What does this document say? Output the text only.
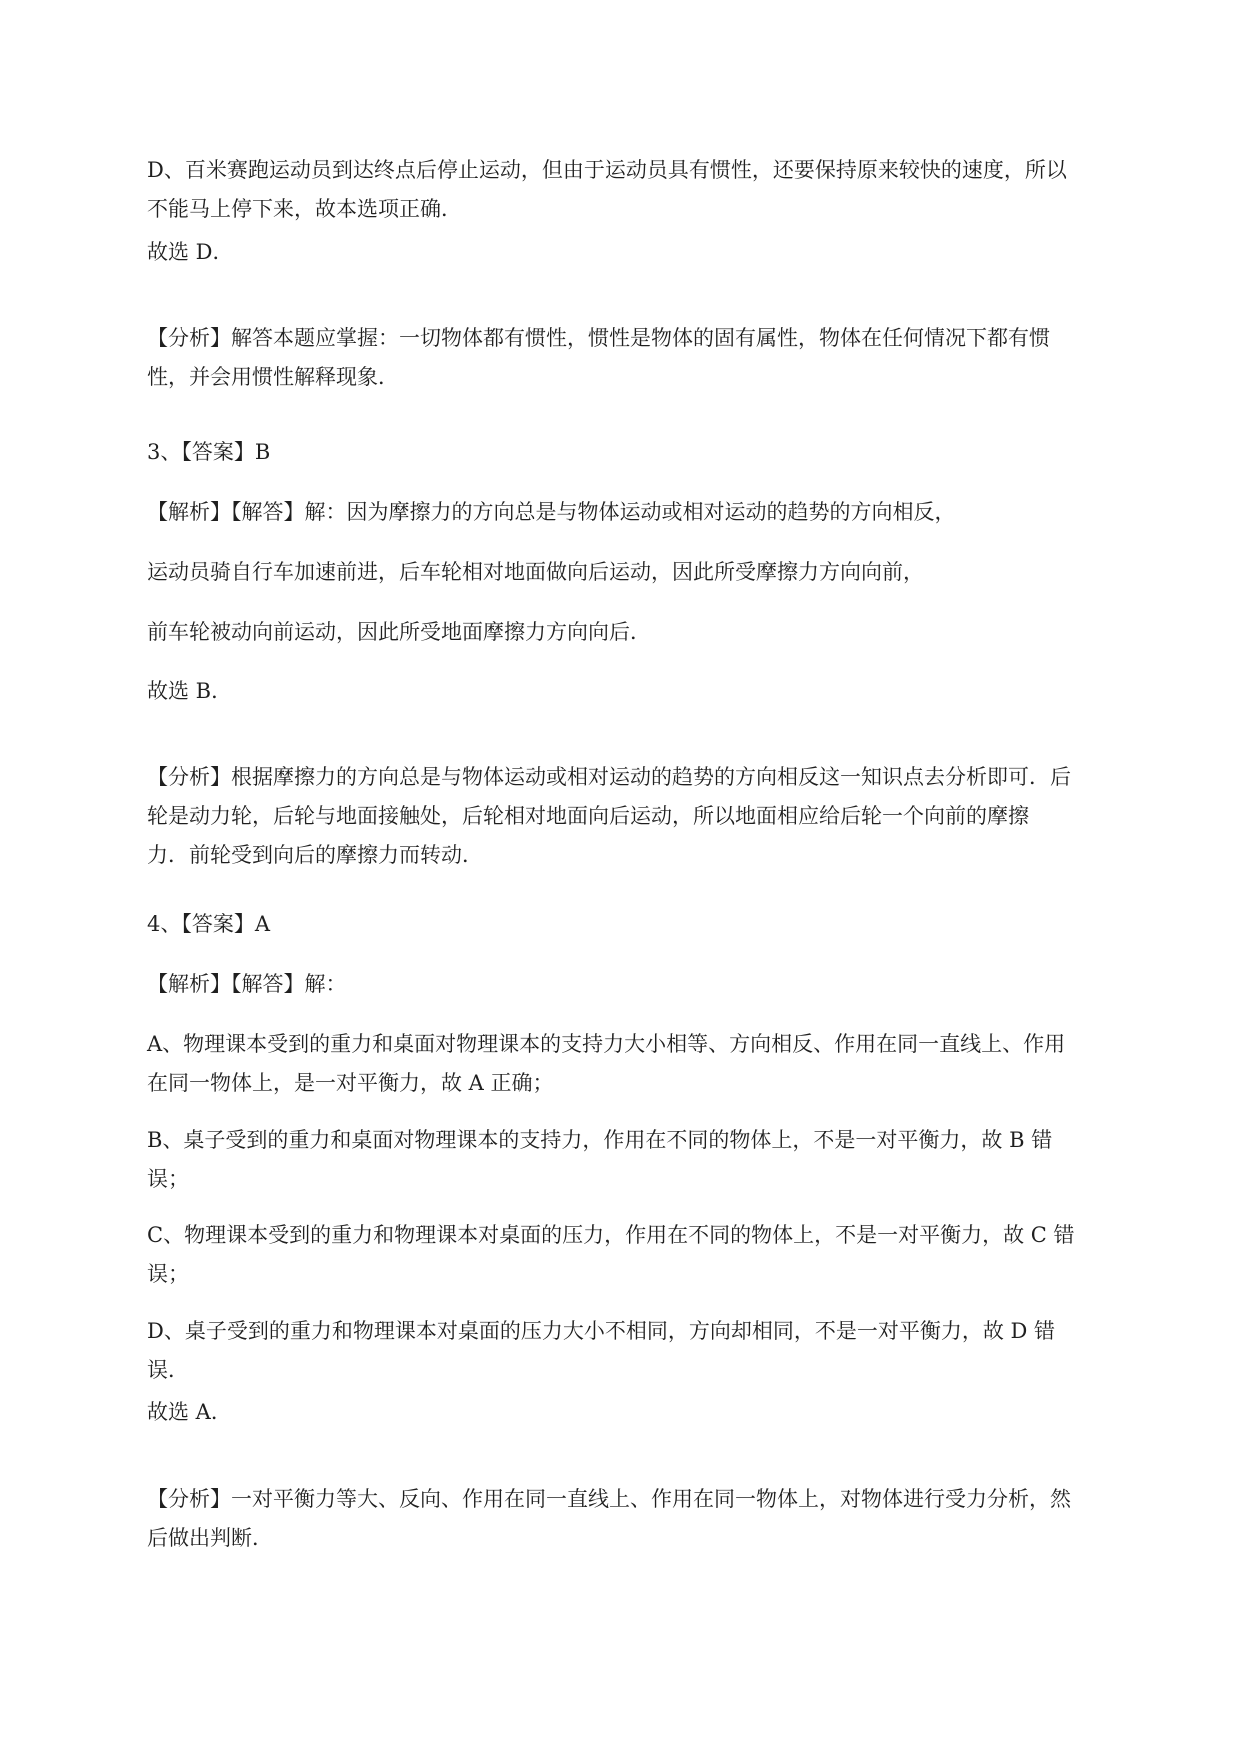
D、百米赛跑运动员到达终点后停止运动，但由于运动员具有惯性，还要保持原来较快的速度，所以
不能马上停下来，故本选项正确．
故选 D．
【分析】解答本题应掌握：一切物体都有惯性，惯性是物体的固有属性，物体在任何情况下都有惯
性，并会用惯性解释现象．
3、【答案】B
【解析】【解答】解：因为摩擦力的方向总是与物体运动或相对运动的趋势的方向相反，
运动员骑自行车加速前进，后车轮相对地面做向后运动，因此所受摩擦力方向向前，
前车轮被动向前运动，因此所受地面摩擦力方向向后．
故选 B．
【分析】根据摩擦力的方向总是与物体运动或相对运动的趋势的方向相反这一知识点去分析即可．后
轮是动力轮，后轮与地面接触处，后轮相对地面向后运动，所以地面相应给后轮一个向前的摩擦
力．前轮受到向后的摩擦力而转动．
4、【答案】A
【解析】【解答】解：
A、物理课本受到的重力和桌面对物理课本的支持力大小相等、方向相反、作用在同一直线上、作用
在同一物体上，是一对平衡力，故 A 正确；
B、桌子受到的重力和桌面对物理课本的支持力，作用在不同的物体上，不是一对平衡力，故 B 错
误；
C、物理课本受到的重力和物理课本对桌面的压力，作用在不同的物体上，不是一对平衡力，故 C 错
误；
D、桌子受到的重力和物理课本对桌面的压力大小不相同，方向却相同，不是一对平衡力，故 D 错
误．
故选 A．
【分析】一对平衡力等大、反向、作用在同一直线上、作用在同一物体上，对物体进行受力分析，然
后做出判断．
